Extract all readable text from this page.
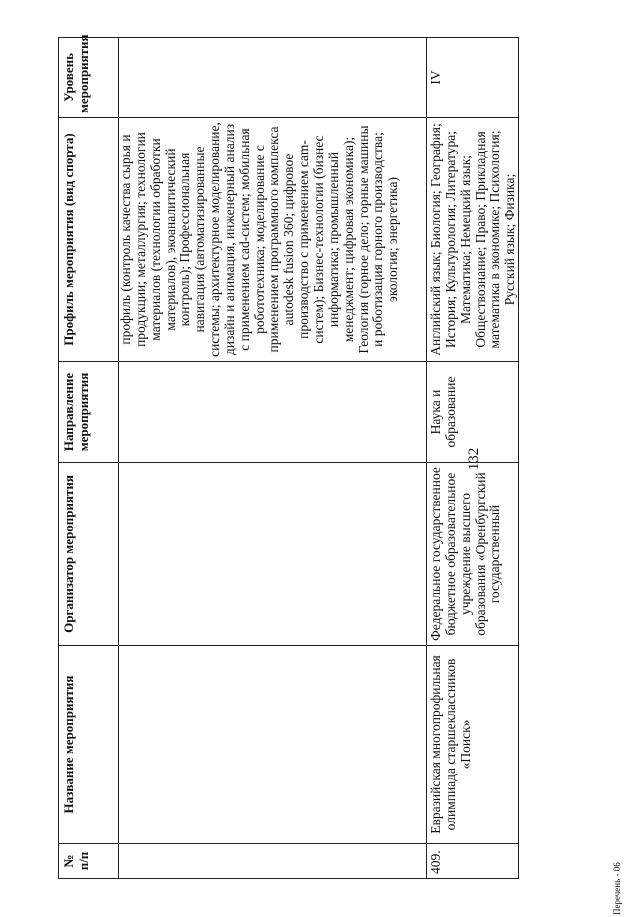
132
№ п/п	Название мероприятия	Организатор мероприятия	Направление мероприятия	Профиль мероприятия (вид спорта)	Уровень мероприятия
				профиль (контроль качества сырья и продукции; металлургия; технологии материалов (технологии обработки материалов), экоаналитический контроль); Профессиональная навигация (автоматизированные системы; архитектурное моделирование, дизайн и анимация, инженерный анализ с применением cad-систем; мобильная робототехника; моделирование с применением программного комплекса autodesk fusion 360; цифровое производство с применением cam-систем); Бизнес-технологии (бизнес информатика; промышленный менеджмент; цифровая экономика); Геология (горное дело; горные машины и роботизация горного производства; экология; энергетика)	
409.	Евразийская многопрофильная олимпиада старшеклассников «Поиск»	Федеральное государственное бюджетное образовательное учреждение высшего образования «Оренбургский государственный	Наука и образование	Английский язык; Биология; География; История; Культурология; Литература; Математика; Немецкий язык; Обществознание; Право; Прикладная математика в экономике; Психология; Русский язык; Физика;	IV
Перечень - 06
